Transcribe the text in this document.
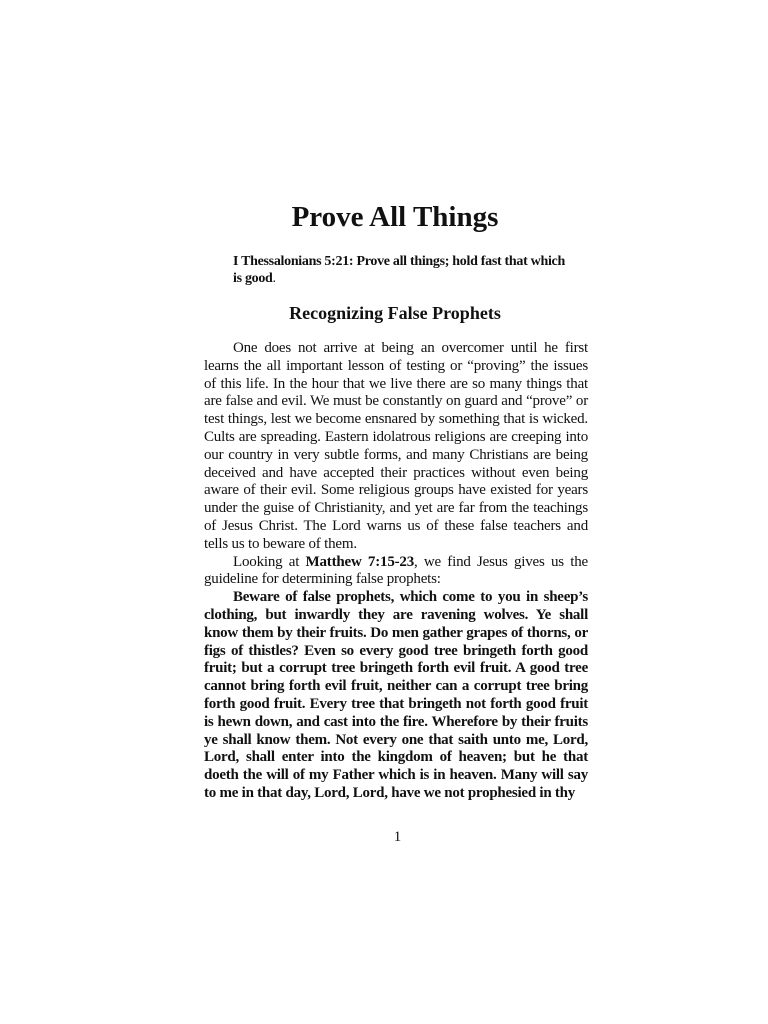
Prove All Things
I Thessalonians 5:21: Prove all things; hold fast that which is good.
Recognizing False Prophets

One does not arrive at being an overcomer until he first learns the all important lesson of testing or “proving” the issues of this life. In the hour that we live there are so many things that are false and evil. We must be constantly on guard and “prove” or test things, lest we become ensnared by something that is wicked. Cults are spreading. Eastern idolatrous religions are creeping into our country in very subtle forms, and many Christians are being deceived and have accepted their practices without even being aware of their evil. Some religious groups have existed for years under the guise of Christianity, and yet are far from the teachings of Jesus Christ. The Lord warns us of these false teachers and tells us to beware of them.

Looking at Matthew 7:15-23, we find Jesus gives us the guideline for determining false prophets:

Beware of false prophets, which come to you in sheep’s clothing, but inwardly they are ravening wolves. Ye shall know them by their fruits. Do men gather grapes of thorns, or figs of thistles? Even so every good tree bringeth forth good fruit; but a corrupt tree bringeth forth evil fruit. A good tree cannot bring forth evil fruit, neither can a corrupt tree bring forth good fruit. Every tree that bringeth not forth good fruit is hewn down, and cast into the fire. Wherefore by their fruits ye shall know them. Not every one that saith unto me, Lord, Lord, shall enter into the kingdom of heaven; but he that doeth the will of my Father which is in heaven. Many will say to me in that day, Lord, Lord, have we not prophesied in thy

1
